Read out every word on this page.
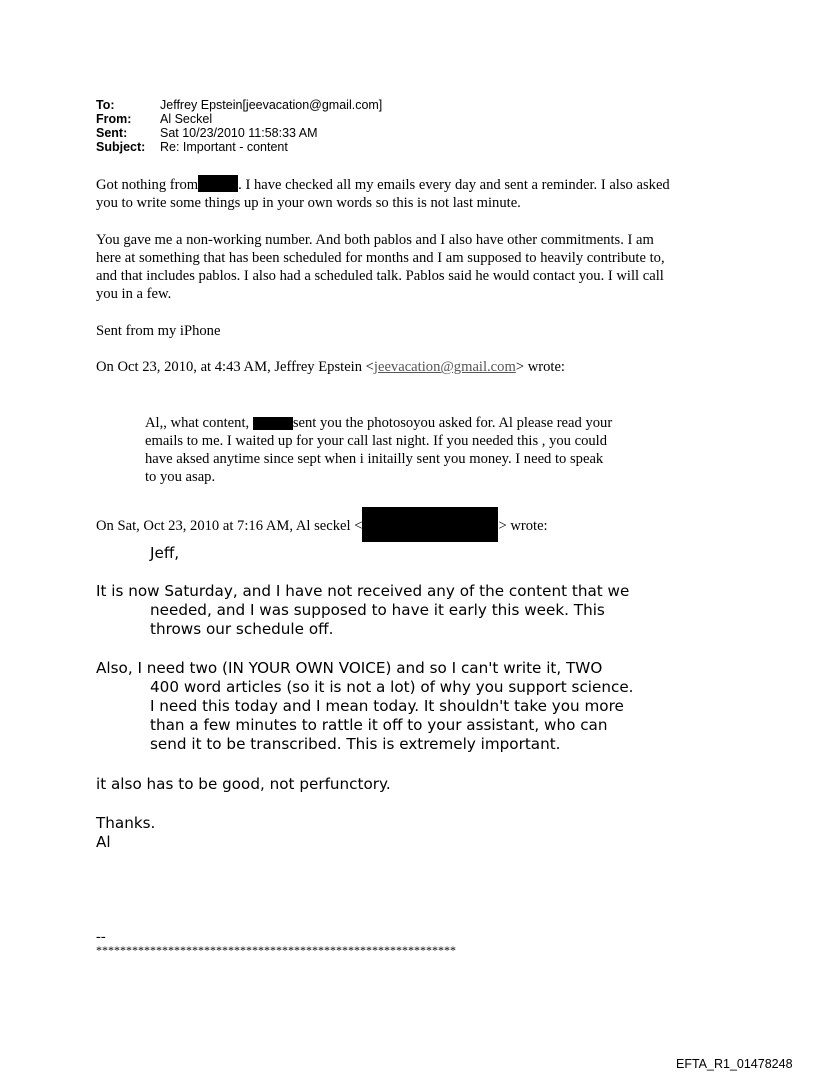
To:	Jeffrey Epstein[jeevacation@gmail.com]
From: Al Seckel
Sent:	Sat 10/23/2010 11:58:33 AM
Subject: Re: Important - content
Got nothing from	. I have checked all my emails every day and sent a reminder. I also asked
you to write some things up in your own words so this is not last minute.
You gave me a non-working number. And both pablos and I also have other commitments. I am
here at something that has been scheduled for months and I am supposed to heavily contribute to,
and that includes pablos. I also had a scheduled talk. Pablos said he would contact you. I will call
you in a few.
Sent from my iPhone
On Oct 23, 2010, at 4:43 AM, Jeffrey Epstein <jeevacation@gmail.com> wrote:
Al,, what content,	sent you the photosoyou asked for. Al please read your
emails to me. I waited up for your call last night. If you needed this , you could
have aksed anytime since sept when i initailly sent you money. I need to speak
to you asap.
On Sat, Oct 23, 2010 at 7:16 AM, Al seckel <	> wrote:
Jeff,
It is now Saturday, and I have not received any of the content that we
needed, and I was supposed to have it early this week. This
throws our schedule off.
Also, I need two (IN YOUR OWN VOICE) and so I can't write it, TWO
400 word articles (so it is not a lot) of why you support science.
I need this today and I mean today. It shouldn't take you more
than a few minutes to rattle it off to your assistant, who can
send it to be transcribed. This is extremely important.
it also has to be good, not perfunctory.
Thanks.
Al
--
************************************************************
EFTA_R1_01478248
